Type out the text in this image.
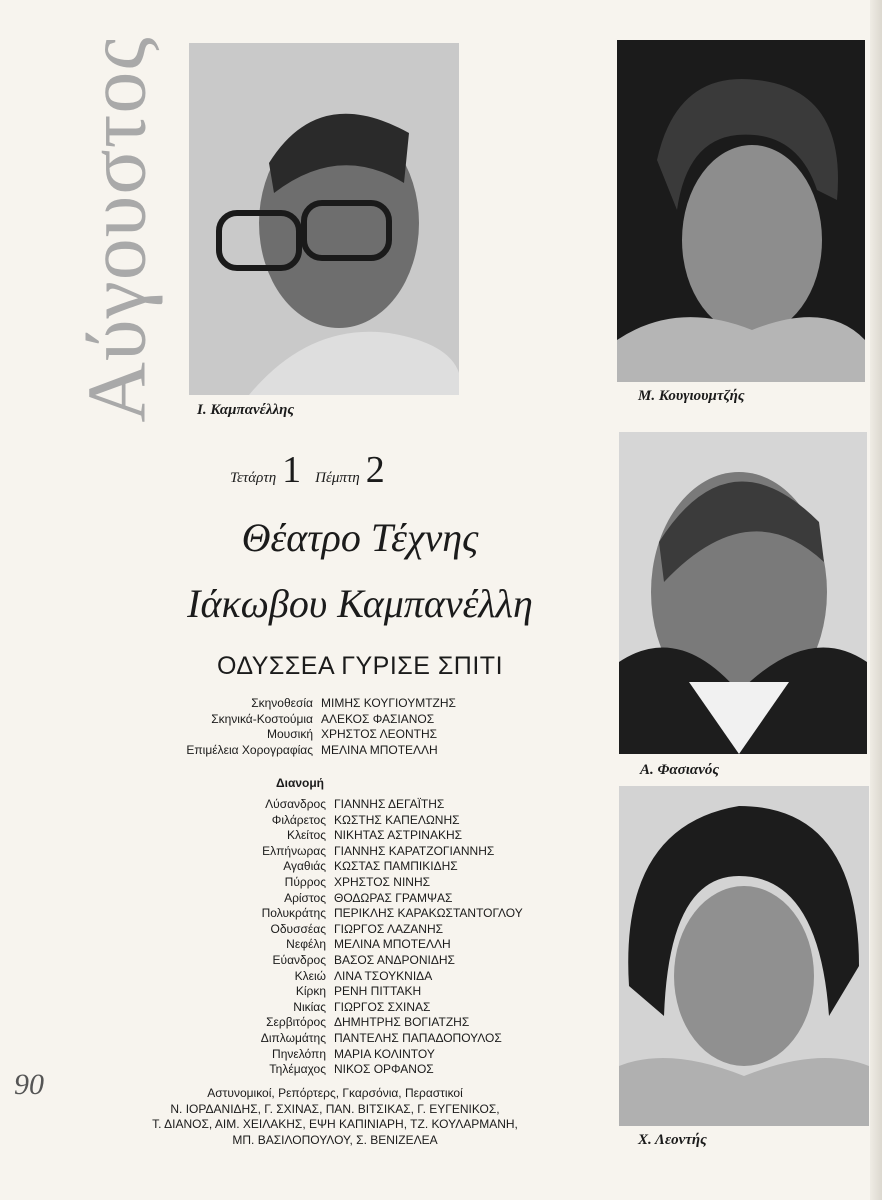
Αύγουστος Ι. Καμπανέλλης
Μ. Κουγιουμτζής
Α. Φασιανός
Χ. Λεοντής
Τετάρτη 1 Πέμπτη 2
Θέατρο Τέχνης
Ιάκωβου Καμπανέλλη
ΟΔΥΣΣΕΑ ΓΥΡΙΣΕ ΣΠΙΤΙ
Σκηνοθεσία ΜΙΜΗΣ ΚΟΥΓΙΟΥΜΤΖΗΣ
Σκηνικά-Κοστούμια ΑΛΕΚΟΣ ΦΑΣΙΑΝΟΣ
Μουσική ΧΡΗΣΤΟΣ ΛΕΟΝΤΗΣ
Επιμέλεια Χορογραφίας ΜΕΛΙΝΑ ΜΠΟΤΕΛΛΗ
Διανομή
Λύσανδρος ΓΙΑΝΝΗΣ ΔΕΓΑΪΤΗΣ
Φιλάρετος ΚΩΣΤΗΣ ΚΑΠΕΛΩΝΗΣ
Κλείτος ΝΙΚΗΤΑΣ ΑΣΤΡΙΝΑΚΗΣ
Ελπήνωρας ΓΙΑΝΝΗΣ ΚΑΡΑΤΖΟΓΙΑΝΝΗΣ
Αγαθιάς ΚΩΣΤΑΣ ΠΑΜΠΙΚΙΔΗΣ
Πύρρος ΧΡΗΣΤΟΣ ΝΙΝΗΣ
Αρίστος ΘΟΔΩΡΑΣ ΓΡΑΜΨΑΣ
Πολυκράτης ΠΕΡΙΚΛΗΣ ΚΑΡΑΚΩΣΤΑΝΤΟΓΛΟΥ
Οδυσσέας ΓΙΩΡΓΟΣ ΛΑΖΑΝΗΣ
Νεφέλη ΜΕΛΙΝΑ ΜΠΟΤΕΛΛΗ
Εύανδρος ΒΑΣΟΣ ΑΝΔΡΟΝΙΔΗΣ
Κλειώ ΛΙΝΑ ΤΣΟΥΚΝΙΔΑ
Κίρκη ΡΕΝΗ ΠΙΤΤΑΚΗ
Νικίας ΓΙΩΡΓΟΣ ΣΧΙΝΑΣ
Σερβιτόρος ΔΗΜΗΤΡΗΣ ΒΟΓΙΑΤΖΗΣ
Διπλωμάτης ΠΑΝΤΕΛΗΣ ΠΑΠΑΔΟΠΟΥΛΟΣ
Πηνελόπη ΜΑΡΙΑ ΚΟΛΙΝΤΟΥ
Τηλέμαχος ΝΙΚΟΣ ΟΡΦΑΝΟΣ
Αστυνομικοί, Ρεπόρτερς, Γκαρσόνια, Περαστικοί
Ν. ΙΟΡΔΑΝΙΔΗΣ, Γ. ΣΧΙΝΑΣ, ΠΑΝ. ΒΙΤΣΙΚΑΣ, Γ. ΕΥΓΕΝΙΚΟΣ,
Τ. ΔΙΑΝΟΣ, ΑΙΜ. ΧΕΙΛΑΚΗΣ, ΕΨΗ ΚΑΠΙΝΙΑΡΗ, ΤΖ. ΚΟΥΛΑΡΜΑΝΗ,
ΜΠ. ΒΑΣΙΛΟΠΟΥΛΟΥ, Σ. ΒΕΝΙΖΕΛΕΑ
90
